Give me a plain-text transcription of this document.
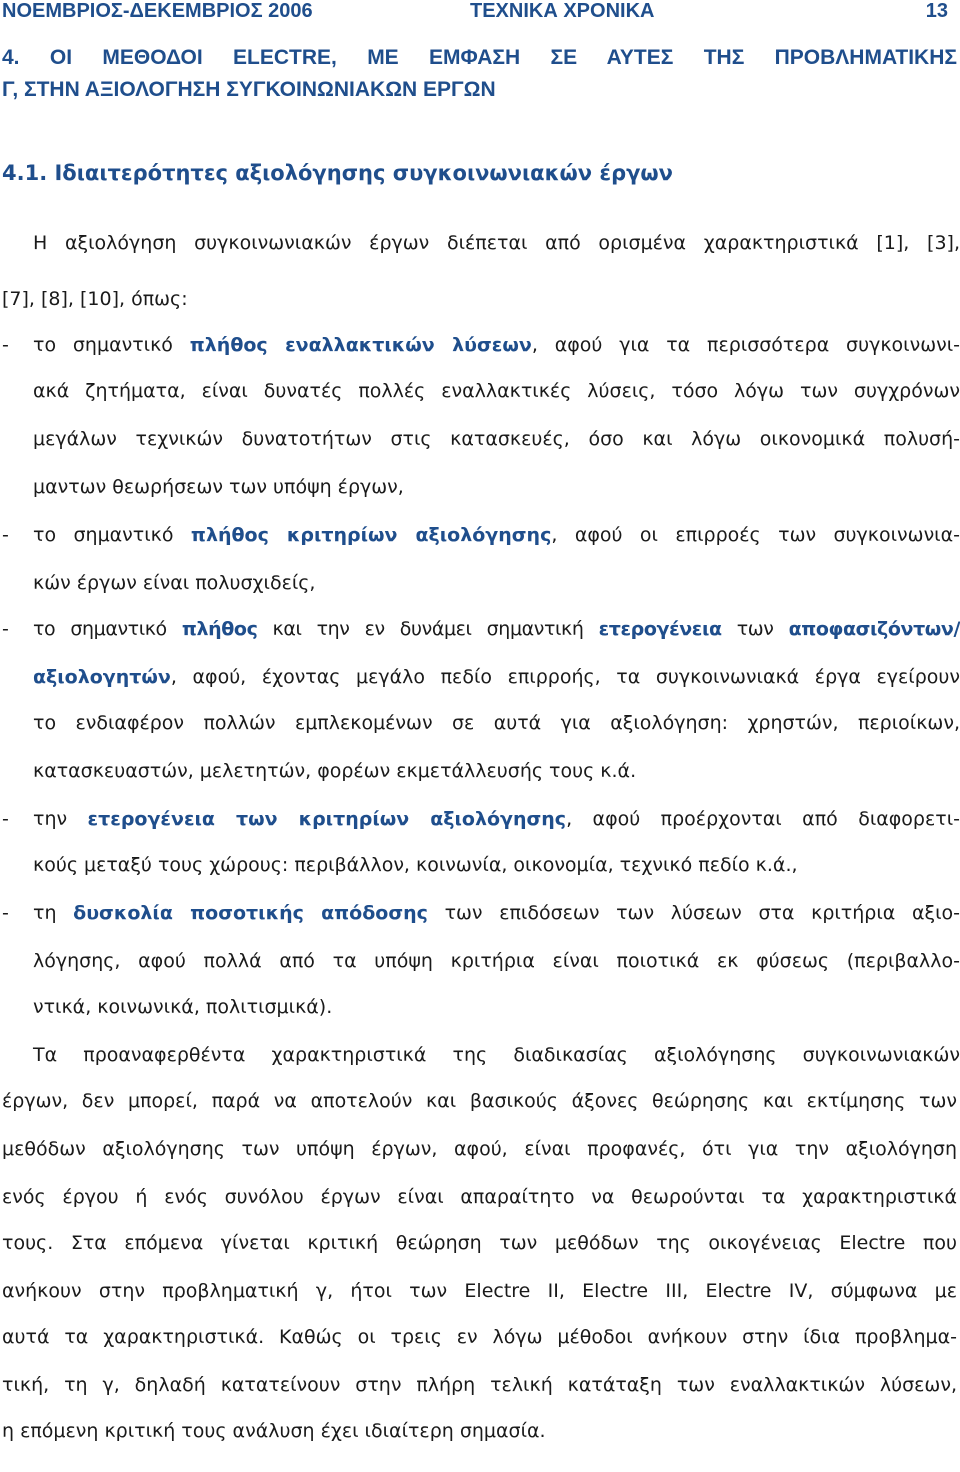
ΝΟΕΜΒΡΙΟΣ-ΔΕΚΕΜΒΡΙΟΣ 2006	ΤΕΧΝΙΚΑ ΧΡΟΝΙΚΑ	13
4. ΟΙ ΜΕΘΟΔΟΙ ELECTRE, ΜΕ ΕΜΦΑΣΗ ΣΕ ΑΥΤΕΣ ΤΗΣ ΠΡΟΒΛΗΜΑΤΙΚΗΣ
Γ, ΣΤΗΝ ΑΞΙΟΛΟΓΗΣΗ ΣΥΓΚΟΙΝΩΝΙΑΚΩΝ ΕΡΓΩΝ
4.1. Ιδιαιτερότητες αξιολόγησης συγκοινωνιακών έργων
Η αξιολόγηση συγκοινωνιακών έργων διέπεται από ορισμένα χαρακτηριστικά [1], [3],
[7], [8], [10], όπως:
- το σημαντικό πλήθος εναλλακτικών λύσεων, αφού για τα περισσότερα συγκοινωνι-
ακά ζητήματα, είναι δυνατές πολλές εναλλακτικές λύσεις, τόσο λόγω των συγχρόνων
μεγάλων τεχνικών δυνατοτήτων στις κατασκευές, όσο και λόγω οικονομικά πολυσή-
μαντων θεωρήσεων των υπόψη έργων,
- το σημαντικό πλήθος κριτηρίων αξιολόγησης, αφού οι επιρροές των συγκοινωνια-
κών έργων είναι πολυσχιδείς,
- το σημαντικό πλήθος και την εν δυνάμει σημαντική ετερογένεια των αποφασιζόντων/
αξιολογητών, αφού, έχοντας μεγάλο πεδίο επιρροής, τα συγκοινωνιακά έργα εγείρουν
το ενδιαφέρον πολλών εμπλεκομένων σε αυτά για αξιολόγηση: χρηστών, περιοίκων,
κατασκευαστών, μελετητών, φορέων εκμετάλλευσής τους κ.ά.
- την ετερογένεια των κριτηρίων αξιολόγησης, αφού προέρχονται από διαφορετι-
κούς μεταξύ τους χώρους: περιβάλλον, κοινωνία, οικονομία, τεχνικό πεδίο κ.ά.,
- τη δυσκολία ποσοτικής απόδοσης των επιδόσεων των λύσεων στα κριτήρια αξιο-
λόγησης, αφού πολλά από τα υπόψη κριτήρια είναι ποιοτικά εκ φύσεως (περιβαλλο-
ντικά, κοινωνικά, πολιτισμικά).
Τα προαναφερθέντα χαρακτηριστικά της διαδικασίας αξιολόγησης συγκοινωνιακών
έργων, δεν μπορεί, παρά να αποτελούν και βασικούς άξονες θεώρησης και εκτίμησης των
μεθόδων αξιολόγησης των υπόψη έργων, αφού, είναι προφανές, ότι για την αξιολόγηση
ενός έργου ή ενός συνόλου έργων είναι απαραίτητο να θεωρούνται τα χαρακτηριστικά
τους. Στα επόμενα γίνεται κριτική θεώρηση των μεθόδων της οικογένειας Electre που
ανήκουν στην προβληματική γ, ήτοι των Electre II, Electre III, Electre IV, σύμφωνα με
αυτά τα χαρακτηριστικά. Καθώς οι τρεις εν λόγω μέθοδοι ανήκουν στην ίδια προβλημα-
τική, τη γ, δηλαδή κατατείνουν στην πλήρη τελική κατάταξη των εναλλακτικών λύσεων,
η επόμενη κριτική τους ανάλυση έχει ιδιαίτερη σημασία.
